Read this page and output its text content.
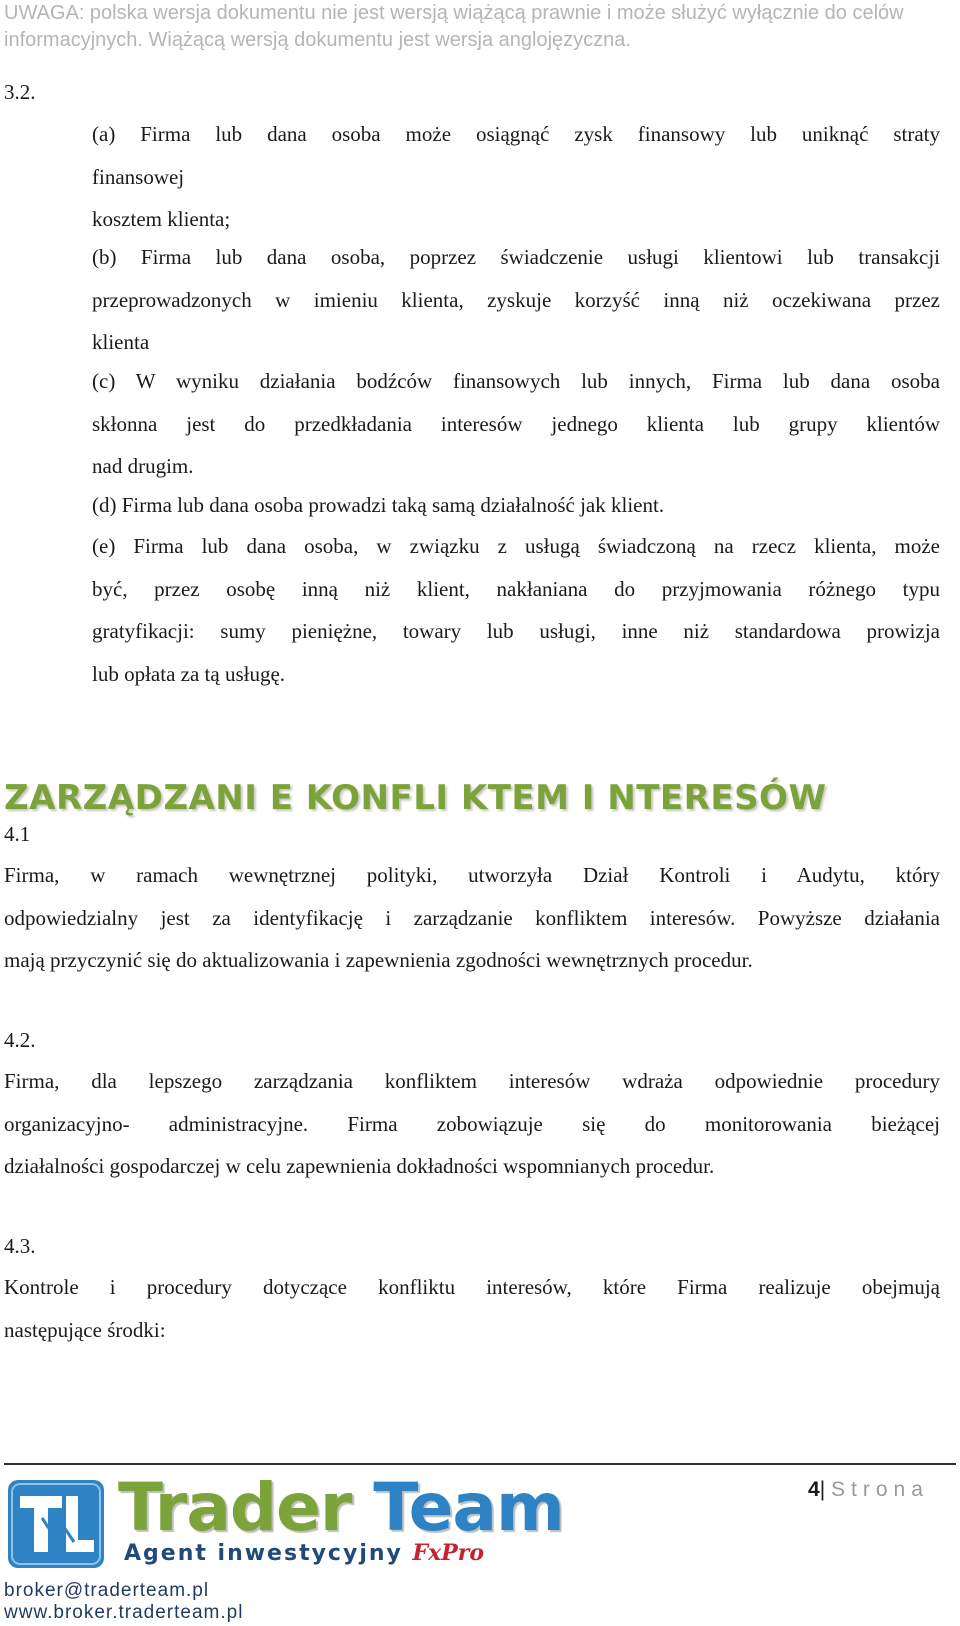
UWAGA: polska wersja dokumentu nie jest wersją wiążącą prawnie i może służyć wyłącznie do celów
informacyjnych. Wiążącą wersją dokumentu jest wersja anglojęzyczna.
3.2.

(a) Firma lub dana osoba może osiągnąć zysk finansowy lub uniknąć straty
finansowej
kosztem klienta;

(b) Firma lub dana osoba, poprzez świadczenie usługi klientowi lub transakcji
przeprowadzonych w imieniu klienta, zyskuje korzyść inną niż oczekiwana przez
klienta

(c) W wyniku działania bodźców finansowych lub innych, Firma lub dana osoba
skłonna jest do przedkładania interesów jednego klienta lub grupy klientów
nad drugim.

(d) Firma lub dana osoba prowadzi taką samą działalność jak klient.

(e) Firma lub dana osoba, w związku z usługą świadczoną na rzecz klienta, może
być, przez osobę inną niż klient, nakłaniana do przyjmowania różnego typu
gratyfikacji: sumy pieniężne, towary lub usługi, inne niż standardowa prowizja
lub opłata za tą usługę.

ZARZĄDZANI E KONFLI KTEM I NTERESÓW
4.1

Firma, w ramach wewnętrznej polityki, utworzyła Dział Kontroli i Audytu, który
odpowiedzialny jest za identyfikację i zarządzanie konfliktem interesów. Powyższe działania
mają przyczynić się do aktualizowania i zapewnienia zgodności wewnętrznych procedur.

4.2.

Firma, dla lepszego zarządzania konfliktem interesów wdraża odpowiednie procedury
organizacyjno- administracyjne. Firma zobowiązuje się do monitorowania bieżącej
działalności gospodarczej w celu zapewnienia dokładności wspomnianych procedur.

4.3.

Kontrole i procedury dotyczące konfliktu interesów, które Firma realizuje obejmują
następujące środki:

4| Strona
Trader Team
Agent inwestycyjny FxPro
broker@traderteam.pl
www.broker.traderteam.pl
